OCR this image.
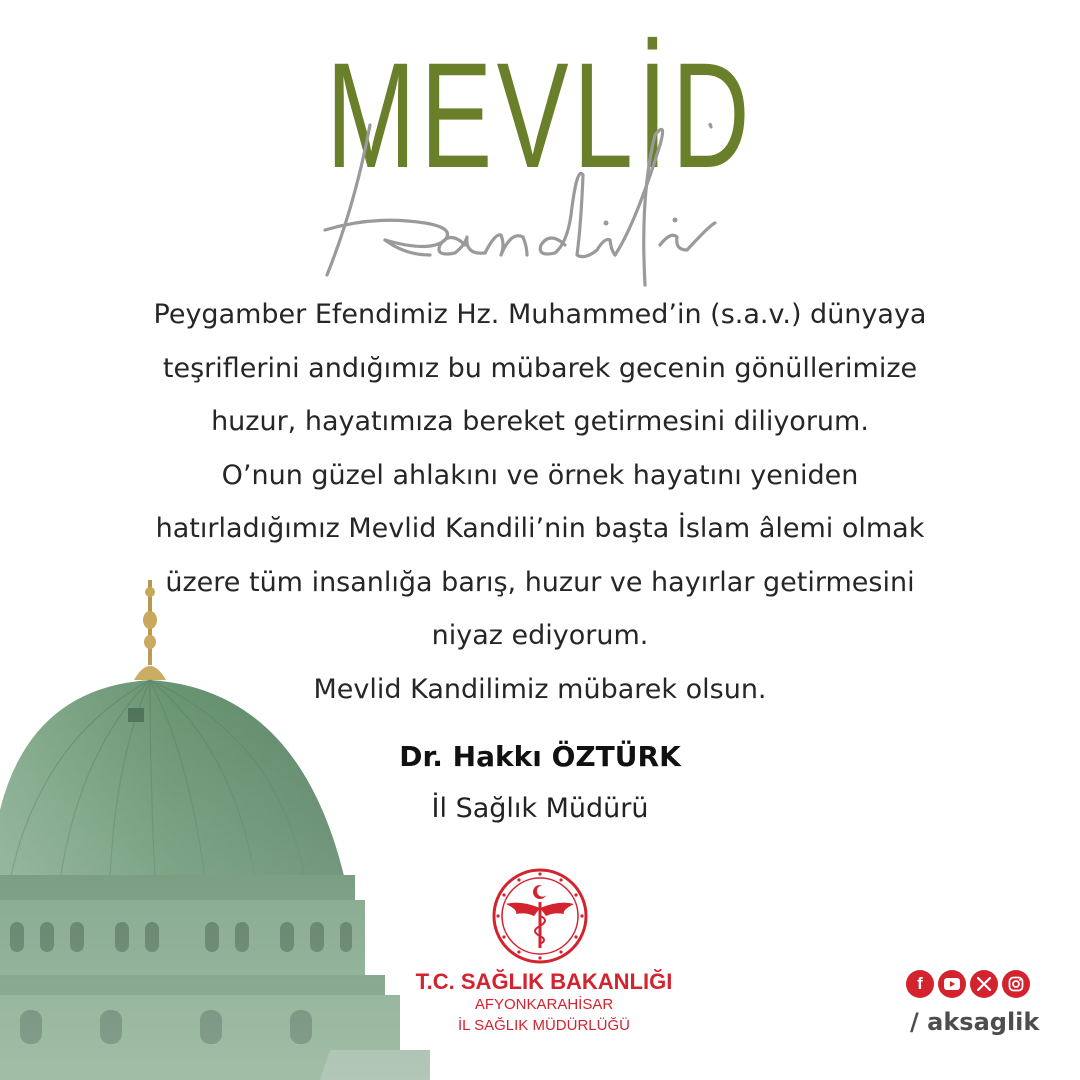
MEVLİD
Peygamber Efendimiz Hz. Muhammed’in (s.a.v.) dünyaya
teşriflerini andığımız bu mübarek gecenin gönüllerimize
huzur, hayatımıza bereket getirmesini diliyorum.
O’nun güzel ahlakını ve örnek hayatını yeniden
hatırladığımız Mevlid Kandili’nin başta İslam âlemi olmak
üzere tüm insanlığa barış, huzur ve hayırlar getirmesini
niyaz ediyorum.
Mevlid Kandilimiz mübarek olsun.
Dr. Hakkı ÖZTÜRK
İl Sağlık Müdürü
T.C. SAĞLIK BAKANLIĞI
AFYONKARAHİSAR
İL SAĞLIK MÜDÜRLÜĞÜ
f
/ aksaglik
